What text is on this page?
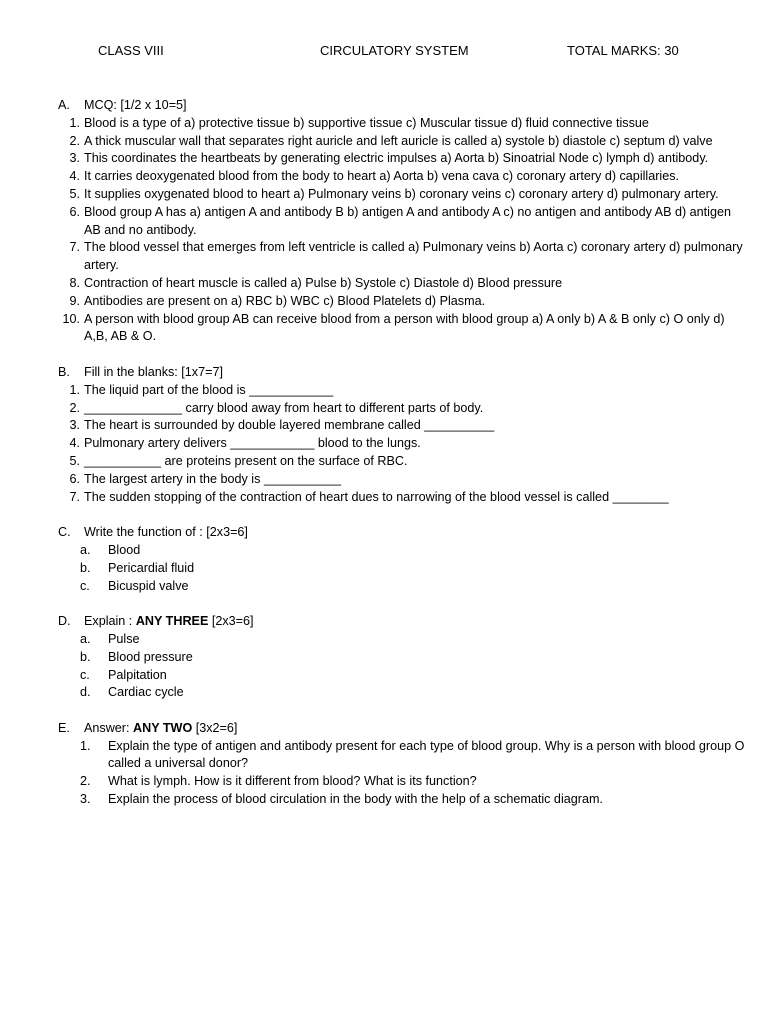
CLASS VIII	CIRCULATORY SYSTEM	TOTAL MARKS: 30

A.	MCQ: [1/2 x 10=5]

1. Blood is a type of a) protective tissue b) supportive tissue c) Muscular tissue d) fluid connective tissue

2. A thick muscular wall that separates right auricle and left auricle is called a) systole b) diastole c) septum d) valve

3. This coordinates the heartbeats by generating electric impulses a) Aorta b) Sinoatrial Node c) lymph d) antibody.

4. It carries deoxygenated blood from the body to heart a) Aorta b) vena cava c) coronary artery d) capillaries.

5. It supplies oxygenated blood to heart a) Pulmonary veins b) coronary veins c) coronary artery d) pulmonary artery.

6. Blood group A has a) antigen A and antibody B b) antigen A and antibody A c) no antigen and antibody AB d) antigen AB and no antibody.

7. The blood vessel that emerges from left ventricle is called a) Pulmonary veins b) Aorta c) coronary artery d) pulmonary artery.

8. Contraction of heart muscle is called a) Pulse b) Systole c) Diastole d) Blood pressure

9. Antibodies are present on a) RBC b) WBC c) Blood Platelets d) Plasma.

10. A person with blood group AB can receive blood from a person with blood group a) A only b) A & B only c) O only d) A,B, AB & O.

B.	Fill in the blanks: [1x7=7]

1. The liquid part of the blood is ____________

2. ______________ carry blood away from heart to different parts of body.

3. The heart is surrounded by double layered membrane called __________

4. Pulmonary artery delivers ____________ blood to the lungs.

5. ___________ are proteins present on the surface of RBC.

6. The largest artery in the body is ___________

7. The sudden stopping of the contraction of heart dues to narrowing of the blood vessel is called ________

C.	Write the function of : [2x3=6]

a.	Blood

b.	Pericardial fluid

c.	Bicuspid valve

D.	Explain : ANY THREE [2x3=6]

a.	Pulse

b.	Blood pressure

c.	Palpitation

d.	Cardiac cycle

E.	Answer: ANY TWO [3x2=6]

1.	Explain the type of antigen and antibody present for each type of blood group. Why is a person with blood group O called a universal donor?

2.	What is lymph. How is it different from blood? What is its function?

3.	Explain the process of blood circulation in the body with the help of a schematic diagram.
